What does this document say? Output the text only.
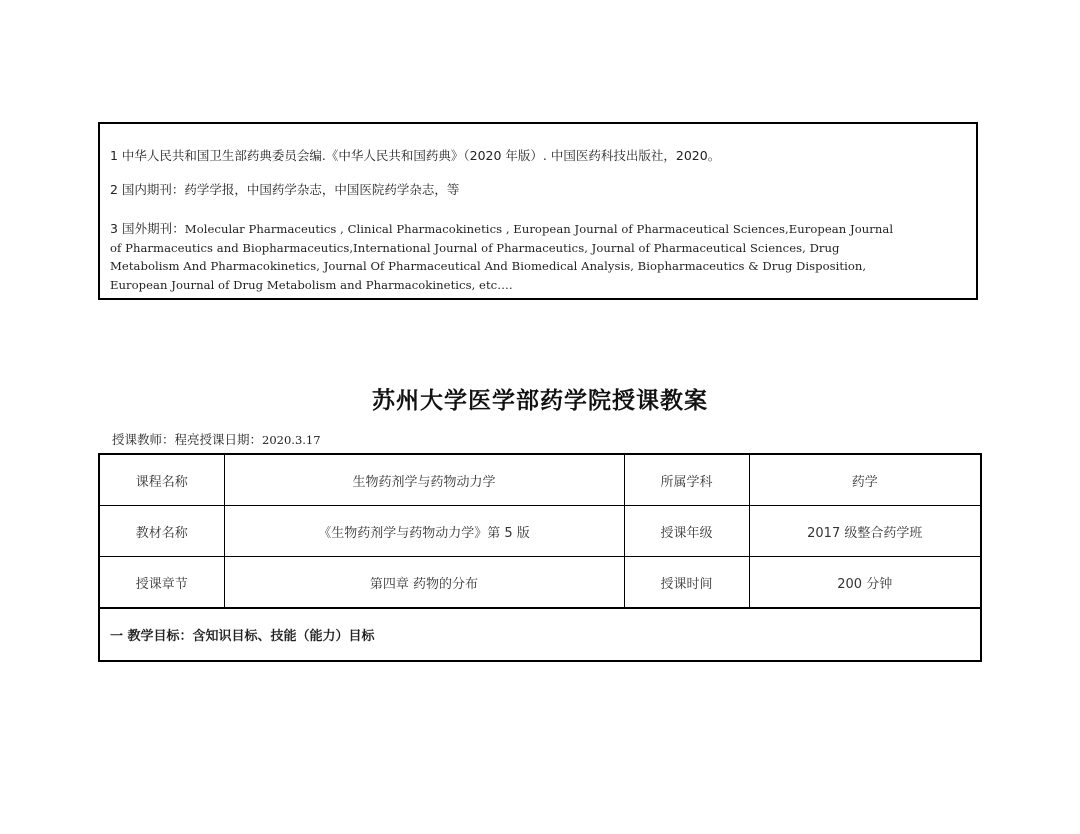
1 中华人民共和国卫生部药典委员会编.《中华人民共和国药典》（2020 年版）. 中国医药科技出版社，2020。
2 国内期刊：药学学报，中国药学杂志，中国医院药学杂志，等
3 国外期刊：Molecular Pharmaceutics , Clinical Pharmacokinetics , European Journal of Pharmaceutical Sciences,European Journal
of Pharmaceutics and Biopharmaceutics,International Journal of Pharmaceutics, Journal of Pharmaceutical Sciences, Drug
Metabolism And Pharmacokinetics, Journal Of Pharmaceutical And Biomedical Analysis, Biopharmaceutics & Drug Disposition,
European Journal of Drug Metabolism and Pharmacokinetics, etc….
苏州大学医学部药学院授课教案
授课教师：程亮授课日期：2020.3.17
课程名称	生物药剂学与药物动力学	所属学科	药学
教材名称	《生物药剂学与药物动力学》第 5 版	授课年级	2017 级整合药学班
授课章节	第四章 药物的分布	授课时间	200 分钟
一 教学目标：含知识目标、技能（能力）目标			
